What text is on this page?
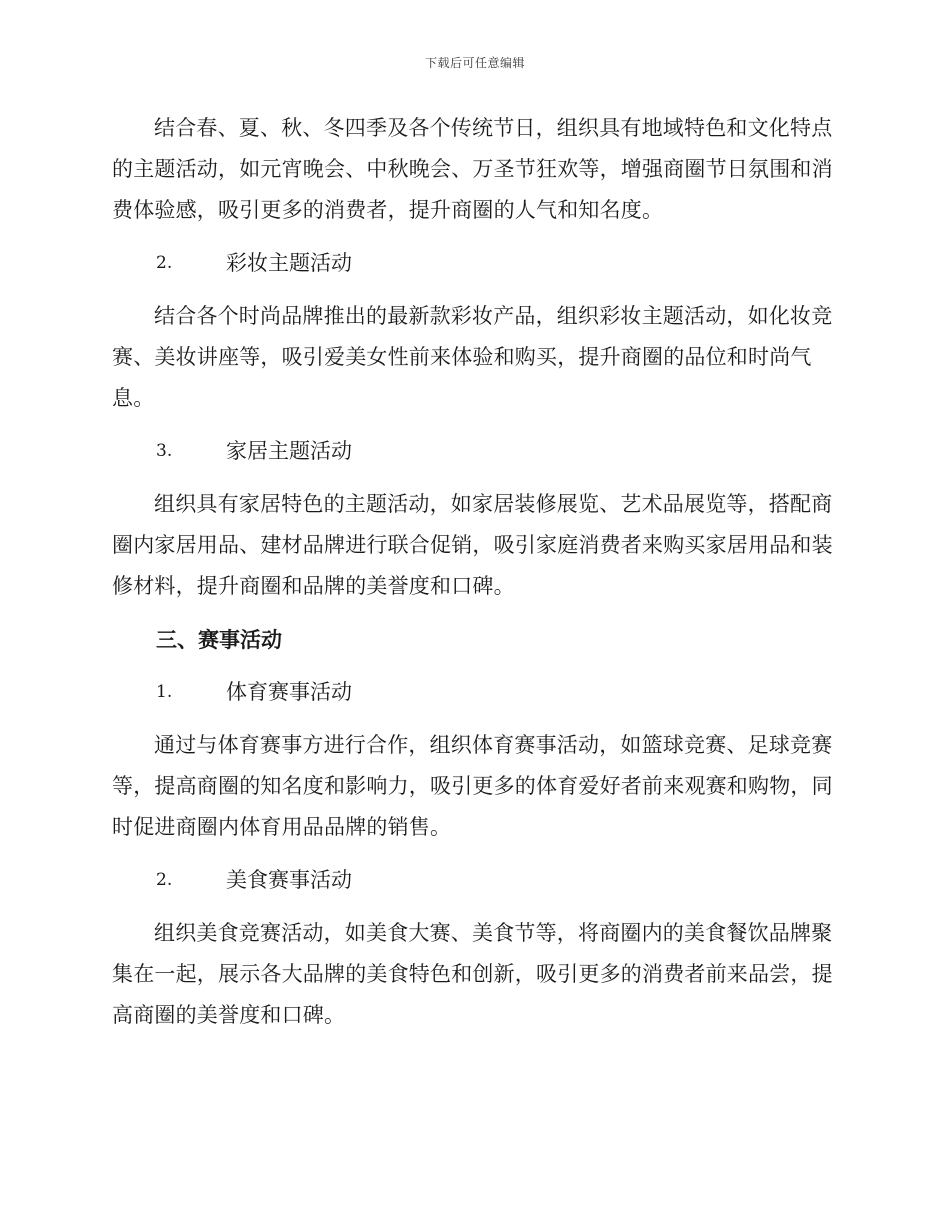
下载后可任意编辑

结合春、夏、秋、冬四季及各个传统节日，组织具有地域特色和文化特点的主题活动，如元宵晚会、中秋晚会、万圣节狂欢等，增强商圈节日氛围和消费体验感，吸引更多的消费者，提升商圈的人气和知名度。

2.	彩妆主题活动

结合各个时尚品牌推出的最新款彩妆产品，组织彩妆主题活动，如化妆竞赛、美妆讲座等，吸引爱美女性前来体验和购买，提升商圈的品位和时尚气息。

3.	家居主题活动

组织具有家居特色的主题活动，如家居装修展览、艺术品展览等，搭配商圈内家居用品、建材品牌进行联合促销，吸引家庭消费者来购买家居用品和装修材料，提升商圈和品牌的美誉度和口碑。

三、赛事活动
1.	体育赛事活动

通过与体育赛事方进行合作，组织体育赛事活动，如篮球竞赛、足球竞赛等，提高商圈的知名度和影响力，吸引更多的体育爱好者前来观赛和购物，同时促进商圈内体育用品品牌的销售。

2.	美食赛事活动

组织美食竞赛活动，如美食大赛、美食节等，将商圈内的美食餐饮品牌聚集在一起，展示各大品牌的美食特色和创新，吸引更多的消费者前来品尝，提高商圈的美誉度和口碑。
